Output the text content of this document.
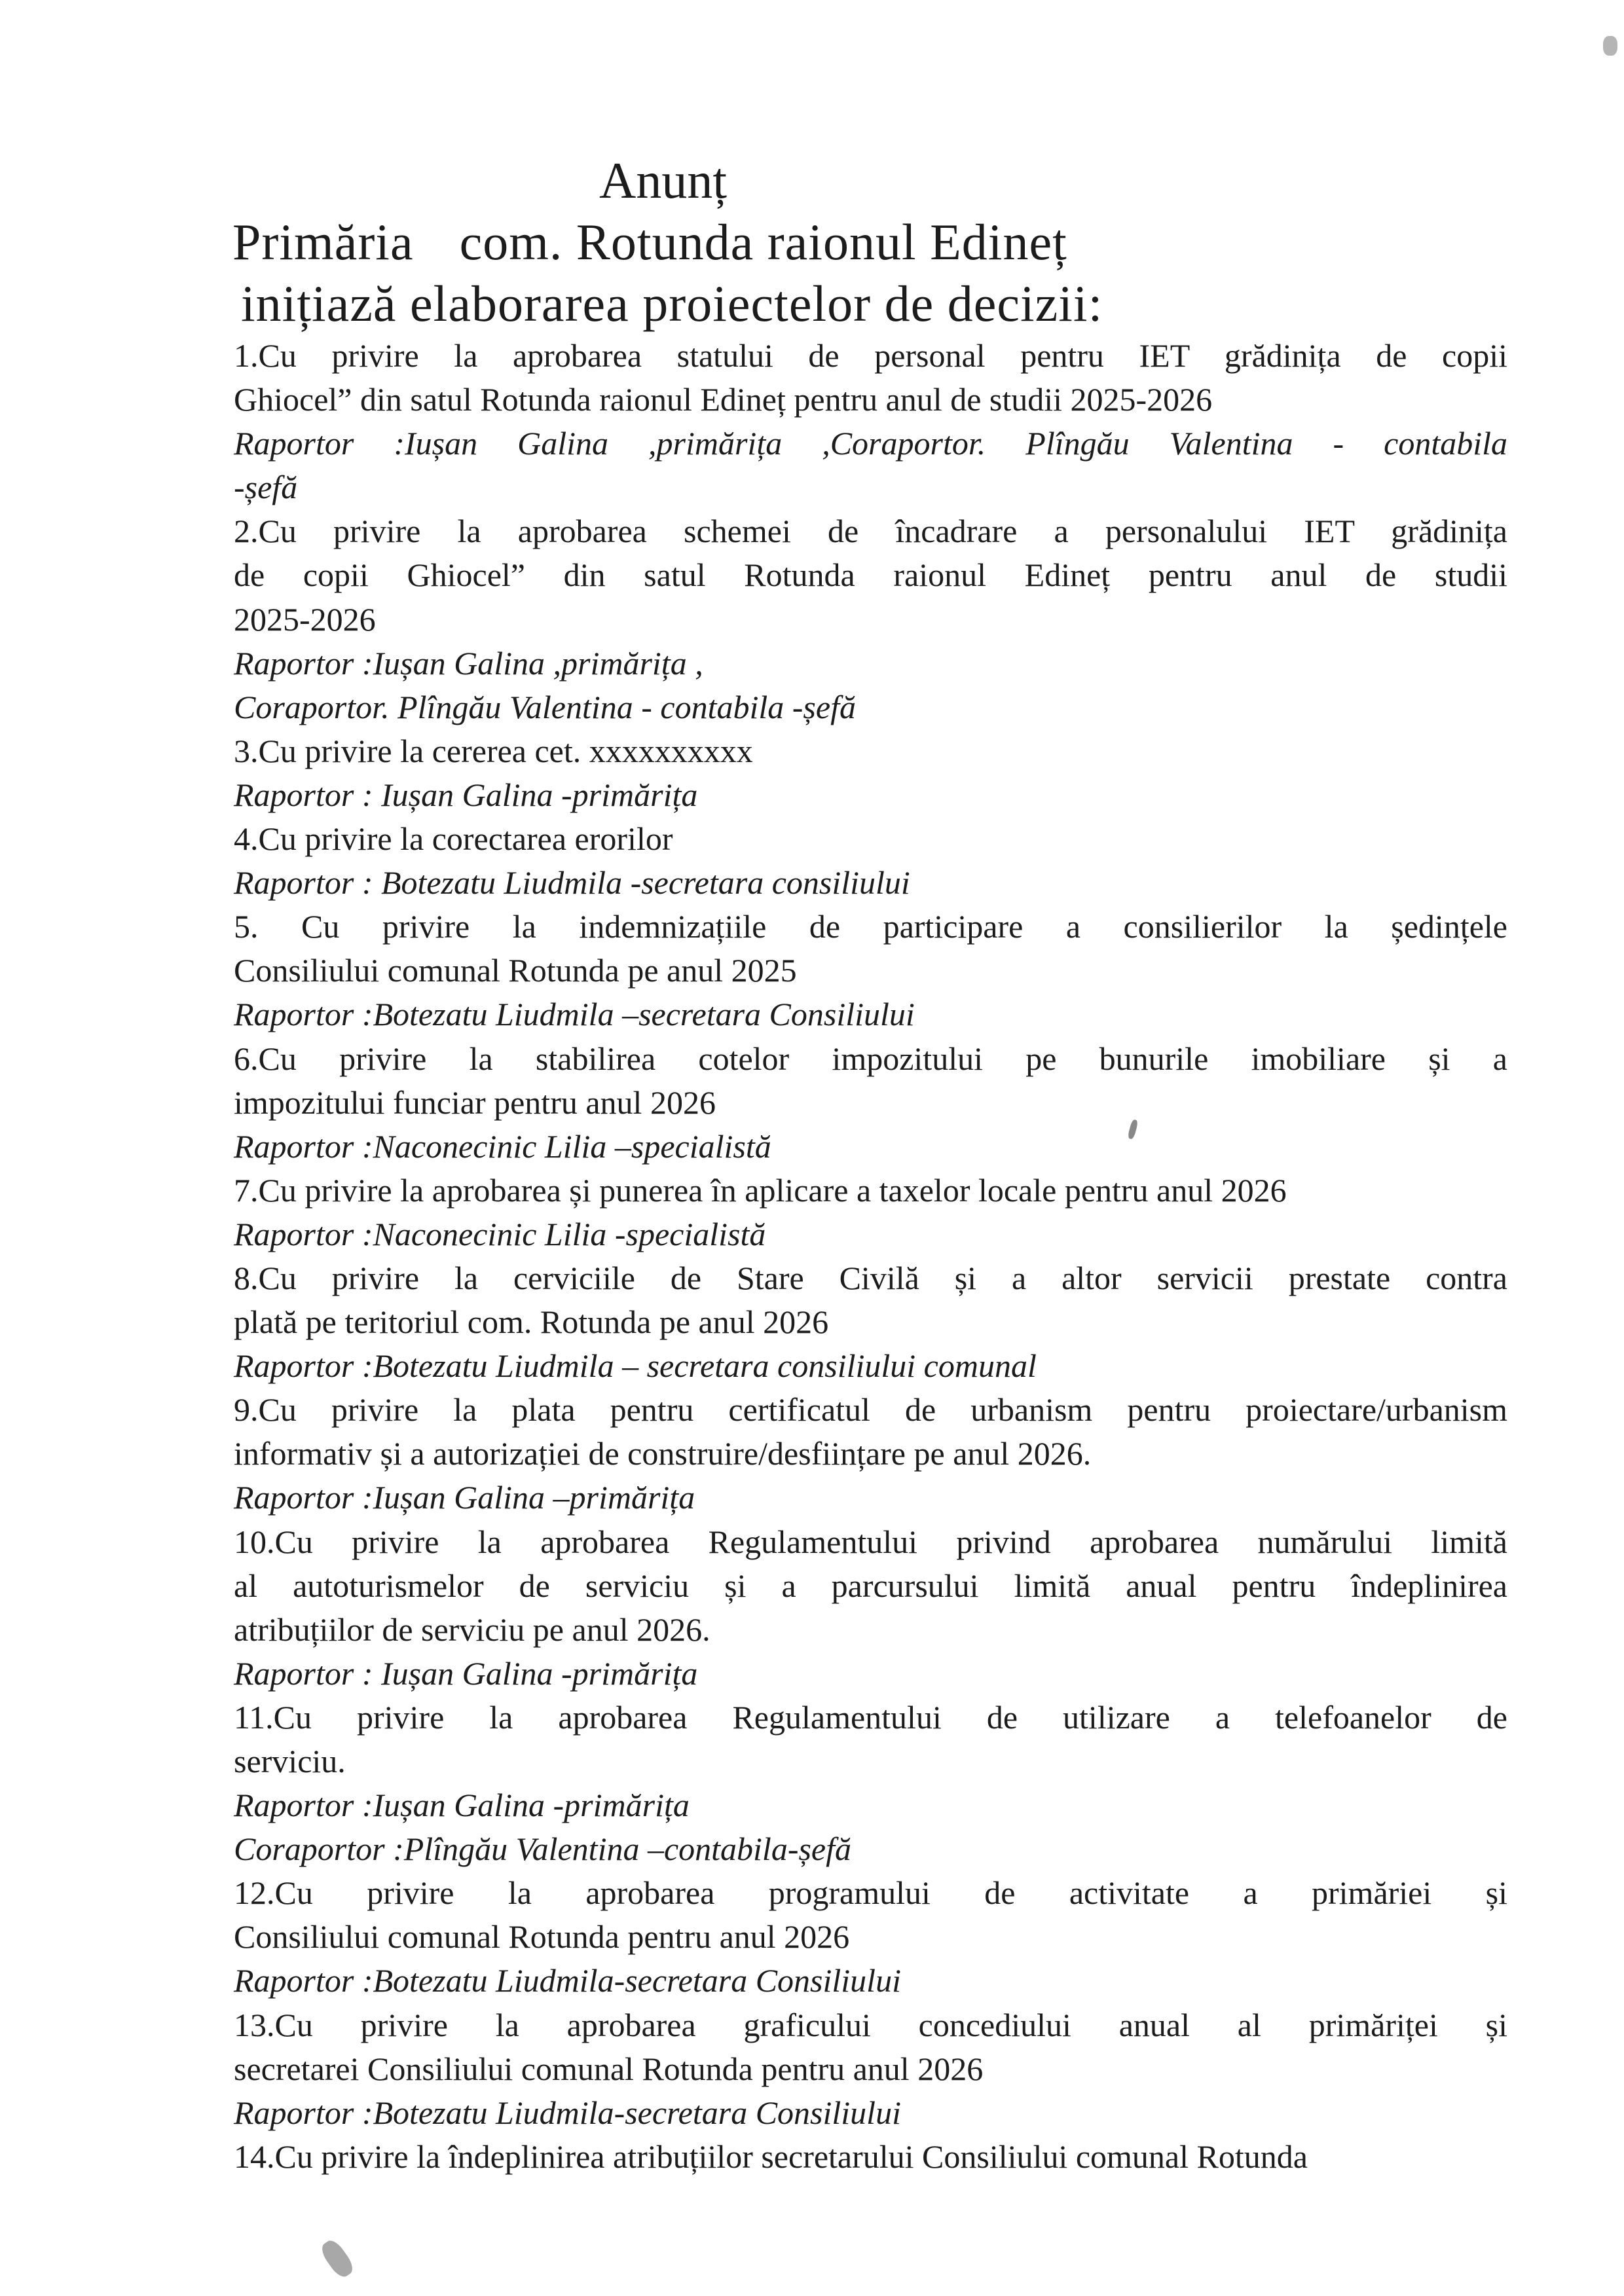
Anunț
Primăria com. Rotunda raionul Edineț
inițiază elaborarea proiectelor de decizii:
1.Cu privire la aprobarea statului de personal pentru IET grădinița de copii
Ghiocel” din satul Rotunda raionul Edineț pentru anul de studii 2025-2026
Raportor :Iușan Galina ,primărița ,Coraportor. Plîngău Valentina - contabila
-șefă
2.Cu privire la aprobarea schemei de încadrare a personalului IET grădinița
de copii Ghiocel” din satul Rotunda raionul Edineț pentru anul de studii
2025-2026
Raportor :Iușan Galina ,primărița ,
Coraportor. Plîngău Valentina - contabila -șefă
3.Cu privire la cererea cet. xxxxxxxxxx
Raportor : Iușan Galina -primărița
4.Cu privire la corectarea erorilor
Raportor : Botezatu Liudmila -secretara consiliului
5. Cu privire la indemnizațiile de participare a consilierilor la ședințele
Consiliului comunal Rotunda pe anul 2025
Raportor :Botezatu Liudmila –secretara Consiliului
6.Cu privire la stabilirea cotelor impozitului pe bunurile imobiliare și a
impozitului funciar pentru anul 2026
Raportor :Naconecinic Lilia –specialistă
7.Cu privire la aprobarea și punerea în aplicare a taxelor locale pentru anul 2026
Raportor :Naconecinic Lilia -specialistă
8.Cu privire la cerviciile de Stare Civilă și a altor servicii prestate contra
plată pe teritoriul com. Rotunda pe anul 2026
Raportor :Botezatu Liudmila – secretara consiliului comunal
9.Cu privire la plata pentru certificatul de urbanism pentru proiectare/urbanism
informativ și a autorizației de construire/desființare pe anul 2026.
Raportor :Iușan Galina –primărița
10.Cu privire la aprobarea Regulamentului privind aprobarea numărului limită
al autoturismelor de serviciu și a parcursului limită anual pentru îndeplinirea
atribuțiilor de serviciu pe anul 2026.
Raportor : Iușan Galina -primărița
11.Cu privire la aprobarea Regulamentului de utilizare a telefoanelor de
serviciu.
Raportor :Iușan Galina -primărița
Coraportor :Plîngău Valentina –contabila-șefă
12.Cu privire la aprobarea programului de activitate a primăriei și
Consiliului comunal Rotunda pentru anul 2026
Raportor :Botezatu Liudmila-secretara Consiliului
13.Cu privire la aprobarea graficului concediului anual al primăriței și
secretarei Consiliului comunal Rotunda pentru anul 2026
Raportor :Botezatu Liudmila-secretara Consiliului
14.Cu privire la îndeplinirea atribuțiilor secretarului Consiliului comunal Rotunda
